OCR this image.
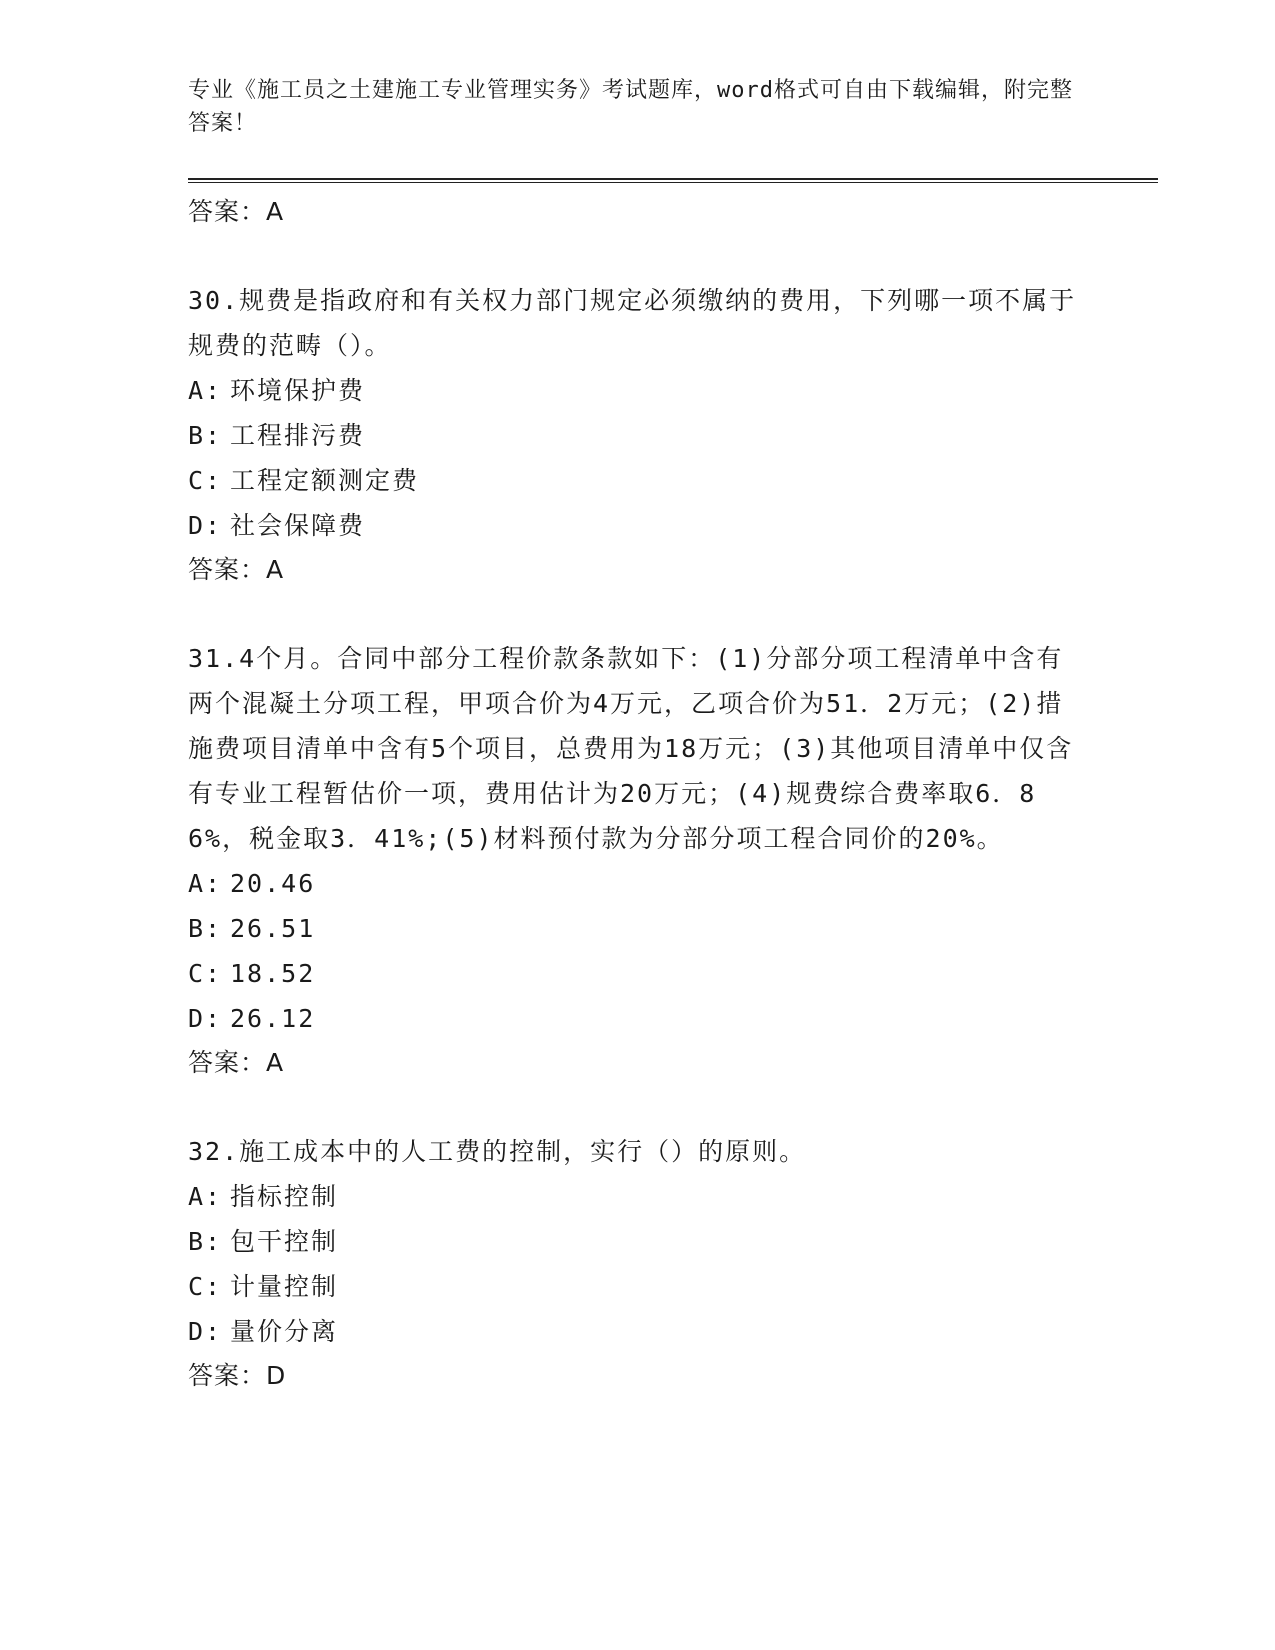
专业《施工员之土建施工专业管理实务》考试题库，word格式可自由下载编辑，附完整答案！

答案：A

30.规费是指政府和有关权力部门规定必须缴纳的费用，下列哪一项不属于规费的范畴（）。

A: 环境保护费

B: 工程排污费

C: 工程定额测定费

D: 社会保障费

答案：A

31.4个月。合同中部分工程价款条款如下：(1)分部分项工程清单中含有两个混凝土分项工程，甲项合价为4万元，乙项合价为51．2万元；(2)措施费项目清单中含有5个项目，总费用为18万元；(3)其他项目清单中仅含有专业工程暂估价一项，费用估计为20万元；(4)规费综合费率取6．86%，税金取3．41%;(5)材料预付款为分部分项工程合同价的20%。

A: 20.46

B: 26.51

C: 18.52

D: 26.12

答案：A

32.施工成本中的人工费的控制，实行（）的原则。

A: 指标控制

B: 包干控制

C: 计量控制

D: 量价分离

答案：D
